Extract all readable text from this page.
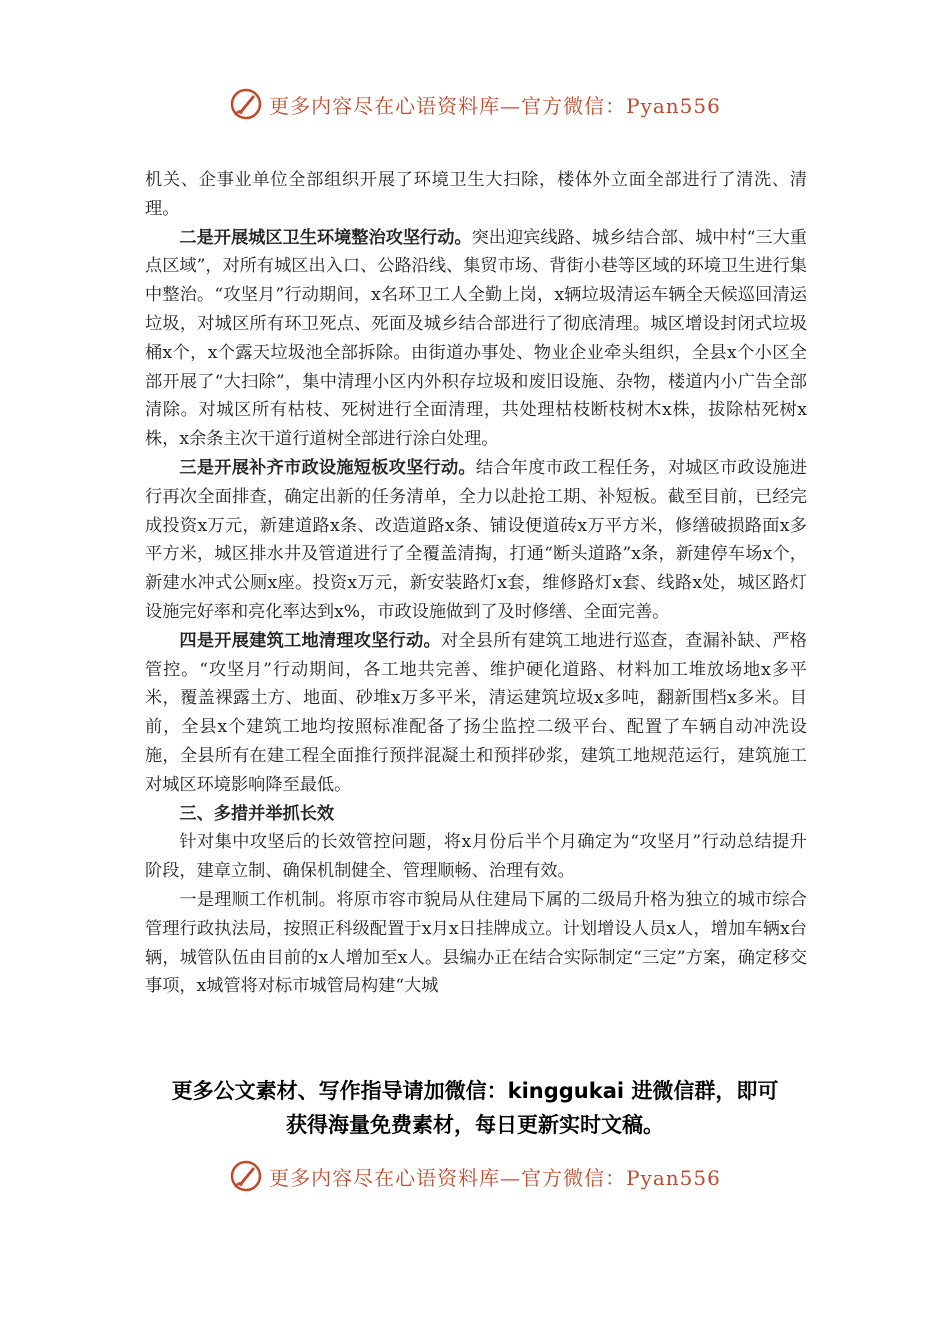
更多内容尽在心语资料库—官方微信：Pyan556

机关、企事业单位全部组织开展了环境卫生大扫除，楼体外立面全部进行了清洗、清理。

二是开展城区卫生环境整治攻坚行动。突出迎宾线路、城乡结合部、城中村“三大重点区域”，对所有城区出入口、公路沿线、集贸市场、背街小巷等区域的环境卫生进行集中整治。“攻坚月”行动期间，x名环卫工人全勤上岗，x辆垃圾清运车辆全天候巡回清运垃圾，对城区所有环卫死点、死面及城乡结合部进行了彻底清理。城区增设封闭式垃圾桶x个，x个露天垃圾池全部拆除。由街道办事处、物业企业牵头组织，全县x个小区全部开展了“大扫除”，集中清理小区内外积存垃圾和废旧设施、杂物，楼道内小广告全部清除。对城区所有枯枝、死树进行全面清理，共处理枯枝断枝树木x株，拔除枯死树x株，x余条主次干道行道树全部进行涂白处理。

三是开展补齐市政设施短板攻坚行动。结合年度市政工程任务，对城区市政设施进行再次全面排查，确定出新的任务清单，全力以赴抢工期、补短板。截至目前，已经完成投资x万元，新建道路x条、改造道路x条、铺设便道砖x万平方米，修缮破损路面x多平方米，城区排水井及管道进行了全覆盖清掏，打通“断头道路”x条，新建停车场x个，新建水冲式公厕x座。投资x万元，新安装路灯x套，维修路灯x套、线路x处，城区路灯设施完好率和亮化率达到x%，市政设施做到了及时修缮、全面完善。

四是开展建筑工地清理攻坚行动。对全县所有建筑工地进行巡查，查漏补缺、严格管控。“攻坚月”行动期间，各工地共完善、维护硬化道路、材料加工堆放场地x多平米，覆盖裸露土方、地面、砂堆x万多平米，清运建筑垃圾x多吨，翻新围档x多米。目前，全县x个建筑工地均按照标准配备了扬尘监控二级平台、配置了车辆自动冲洗设施，全县所有在建工程全面推行预拌混凝土和预拌砂浆，建筑工地规范运行，建筑施工对城区环境影响降至最低。

三、多措并举抓长效

针对集中攻坚后的长效管控问题，将x月份后半个月确定为“攻坚月”行动总结提升阶段，建章立制、确保机制健全、管理顺畅、治理有效。

一是理顺工作机制。将原市容市貌局从住建局下属的二级局升格为独立的城市综合管理行政执法局，按照正科级配置于x月x日挂牌成立。计划增设人员x人，增加车辆x台辆，城管队伍由目前的x人增加至x人。县编办正在结合实际制定“三定”方案，确定移交事项，x城管将对标市城管局构建“大城

更多公文素材、写作指导请加微信：kinggukai 进微信群，即可
获得海量免费素材，每日更新实时文稿。
更多内容尽在心语资料库—官方微信：Pyan556
